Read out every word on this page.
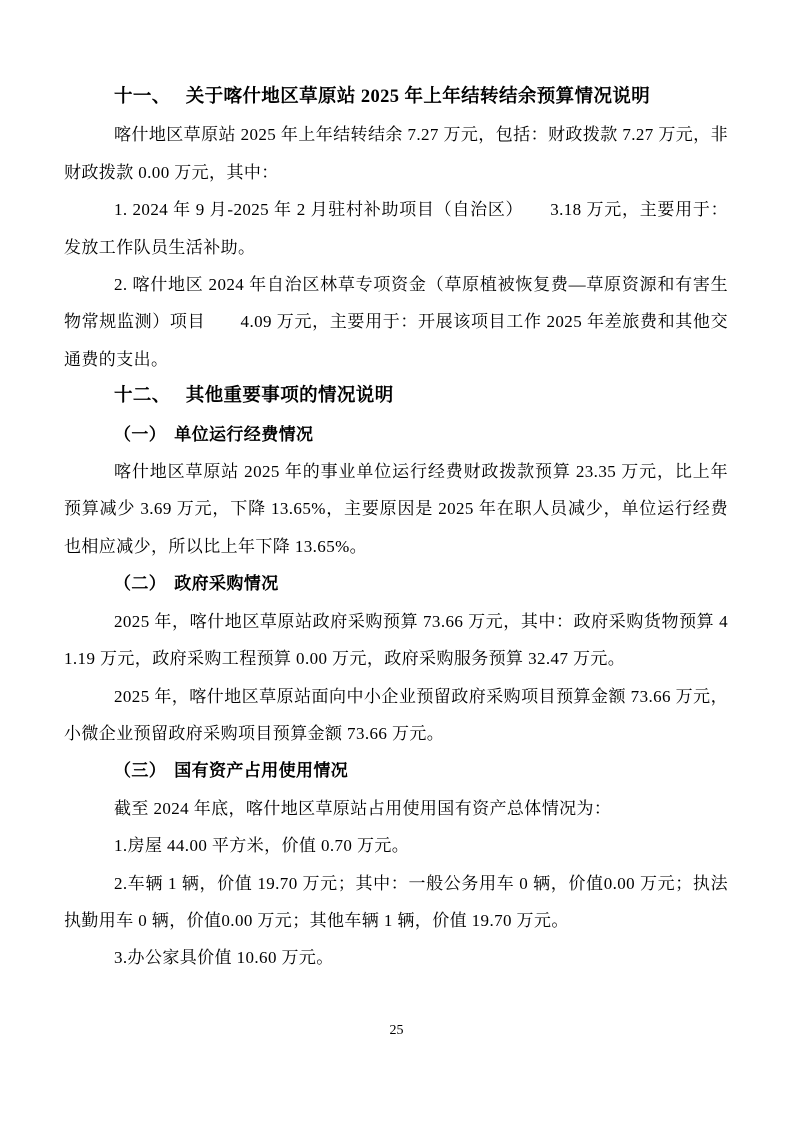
十一、 关于喀什地区草原站 2025 年上年结转结余预算情况说明

喀什地区草原站 2025 年上年结转结余 7.27 万元，包括：财政拨款 7.27 万元，非财政拨款 0.00 万元，其中：

1. 2024 年 9 月-2025 年 2 月驻村补助项目（自治区）　　3.18 万元，主要用于：发放工作队员生活补助。

2. 喀什地区 2024 年自治区林草专项资金（草原植被恢复费—草原资源和有害生物常规监测）项目　　4.09 万元，主要用于：开展该项目工作 2025 年差旅费和其他交通费的支出。

十二、 其他重要事项的情况说明
（一） 单位运行经费情况

喀什地区草原站 2025 年的事业单位运行经费财政拨款预算 23.35 万元，比上年预算减少 3.69 万元，下降 13.65%，主要原因是 2025 年在职人员减少，单位运行经费也相应减少，所以比上年下降 13.65%。

（二） 政府采购情况

2025 年，喀什地区草原站政府采购预算 73.66 万元，其中：政府采购货物预算 41.19 万元，政府采购工程预算 0.00 万元，政府采购服务预算 32.47 万元。

2025 年，喀什地区草原站面向中小企业预留政府采购项目预算金额 73.66 万元，小微企业预留政府采购项目预算金额 73.66 万元。

（三） 国有资产占用使用情况

截至 2024 年底，喀什地区草原站占用使用国有资产总体情况为：

1.房屋 44.00 平方米，价值 0.70 万元。

2.车辆 1 辆，价值 19.70 万元；其中：一般公务用车 0 辆，价值0.00 万元；执法执勤用车 0 辆，价值0.00 万元；其他车辆 1 辆，价值 19.70 万元。

3.办公家具价值 10.60 万元。

25
